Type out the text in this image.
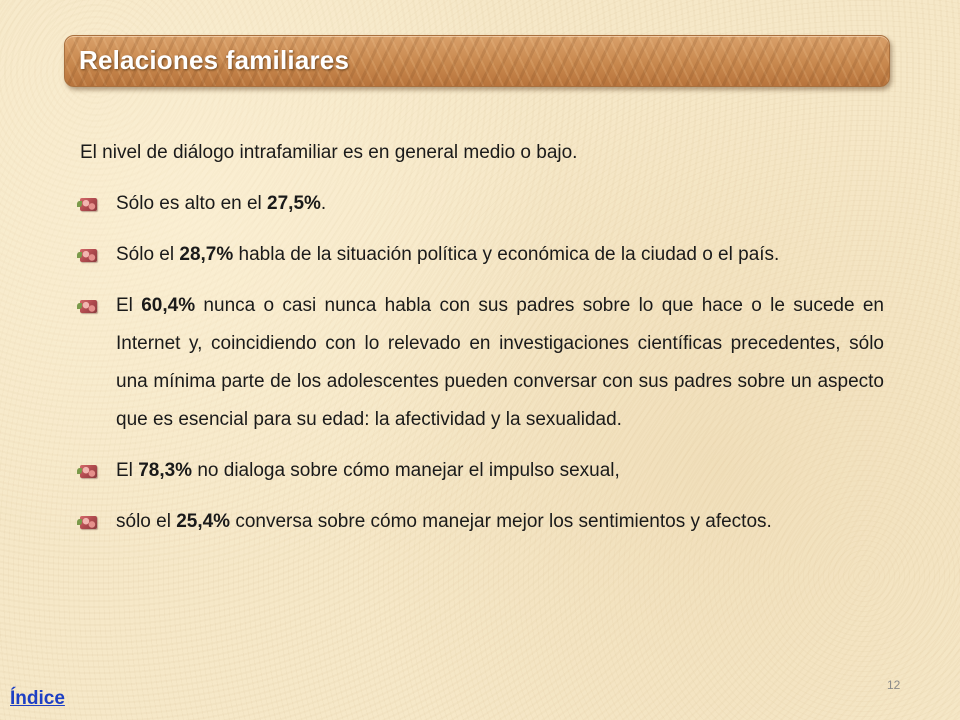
Relaciones familiares

El nivel de diálogo intrafamiliar es en general medio o bajo.

Sólo es alto en el 27,5%.
Sólo el 28,7% habla de la situación política y económica de la ciudad o el país.
El 60,4% nunca o casi nunca habla con sus padres sobre lo que hace o le sucede en Internet y, coincidiendo con lo relevado en investigaciones científicas precedentes, sólo una mínima parte de los adolescentes pueden conversar con sus padres sobre un aspecto que es esencial para su edad: la afectividad y la sexualidad.
El 78,3% no dialoga sobre cómo manejar el impulso sexual,
sólo el 25,4% conversa sobre cómo manejar mejor los sentimientos y afectos.
12
Índice
